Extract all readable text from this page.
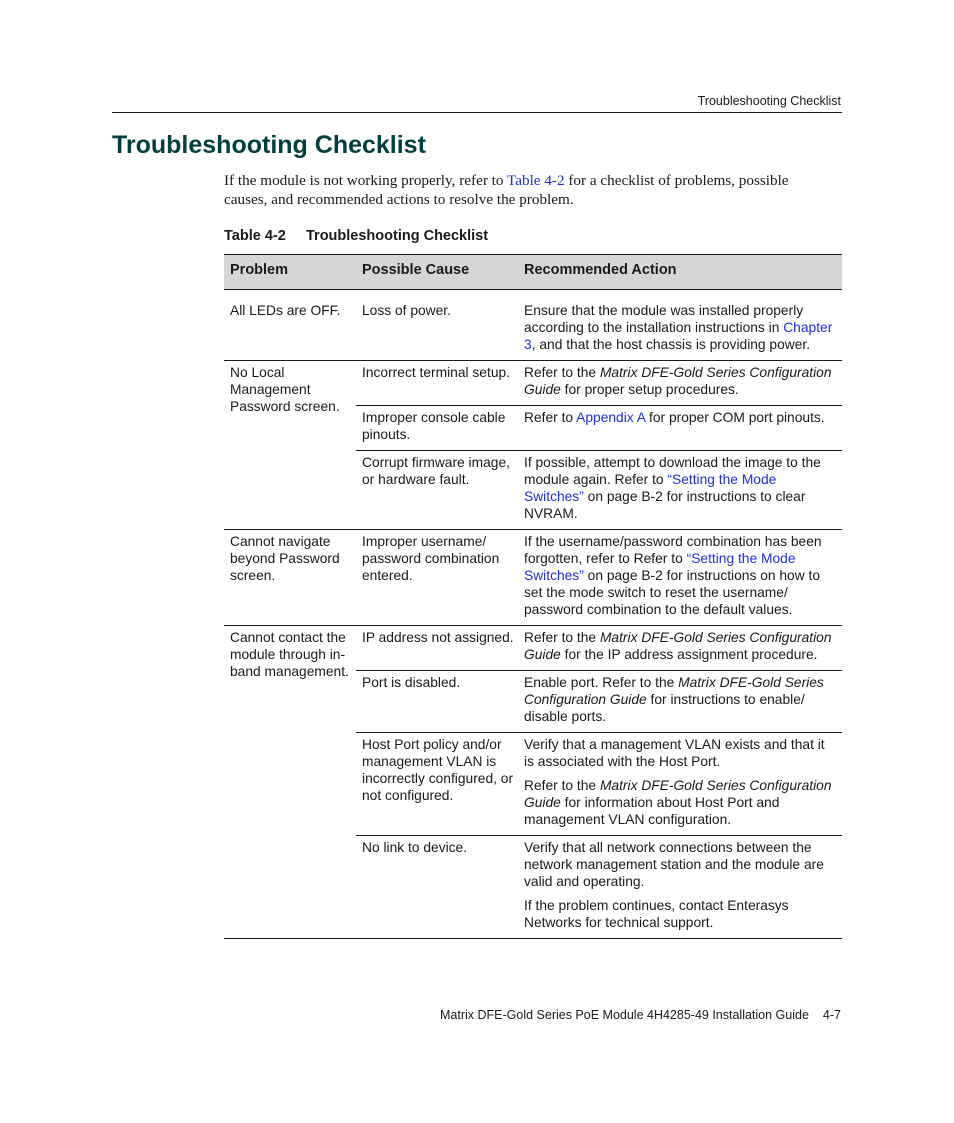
Troubleshooting Checklist
Troubleshooting Checklist

If the module is not working properly, refer to Table 4-2 for a checklist of problems, possible causes, and recommended actions to resolve the problem.

Table 4-2 Troubleshooting Checklist
Problem	Possible Cause	Recommended Action
All LEDs are OFF.	Loss of power.	Ensure that the module was installed properly according to the installation instructions in Chapter 3, and that the host chassis is providing power.
No Local Management Password screen.	Incorrect terminal setup.	Refer to the Matrix DFE-Gold Series Configuration Guide for proper setup procedures.
	Improper console cable pinouts.	Refer to Appendix A for proper COM port pinouts.
	Corrupt firmware image, or hardware fault.	If possible, attempt to download the image to the module again. Refer to “Setting the Mode Switches” on page B-2 for instructions to clear NVRAM.
Cannot navigate beyond Password screen.	Improper username/ password combination entered.	If the username/password combination has been forgotten, refer to Refer to “Setting the Mode Switches” on page B-2 for instructions on how to set the mode switch to reset the username/ password combination to the default values.
Cannot contact the module through in-band management.	IP address not assigned.	Refer to the Matrix DFE-Gold Series Configuration Guide for the IP address assignment procedure.
	Port is disabled.	Enable port. Refer to the Matrix DFE-Gold Series Configuration Guide for instructions to enable/ disable ports.
	Host Port policy and/or management VLAN is incorrectly configured, or not configured.	Verify that a management VLAN exists and that it is associated with the Host Port.
Refer to the Matrix DFE-Gold Series Configuration Guide for information about Host Port and management VLAN configuration.

	No link to device.	Verify that all network connections between the network management station and the module are valid and operating.
If the problem continues, contact Enterasys Networks for technical support.
Matrix DFE-Gold Series PoE Module 4H4285-49 Installation Guide 4-7
